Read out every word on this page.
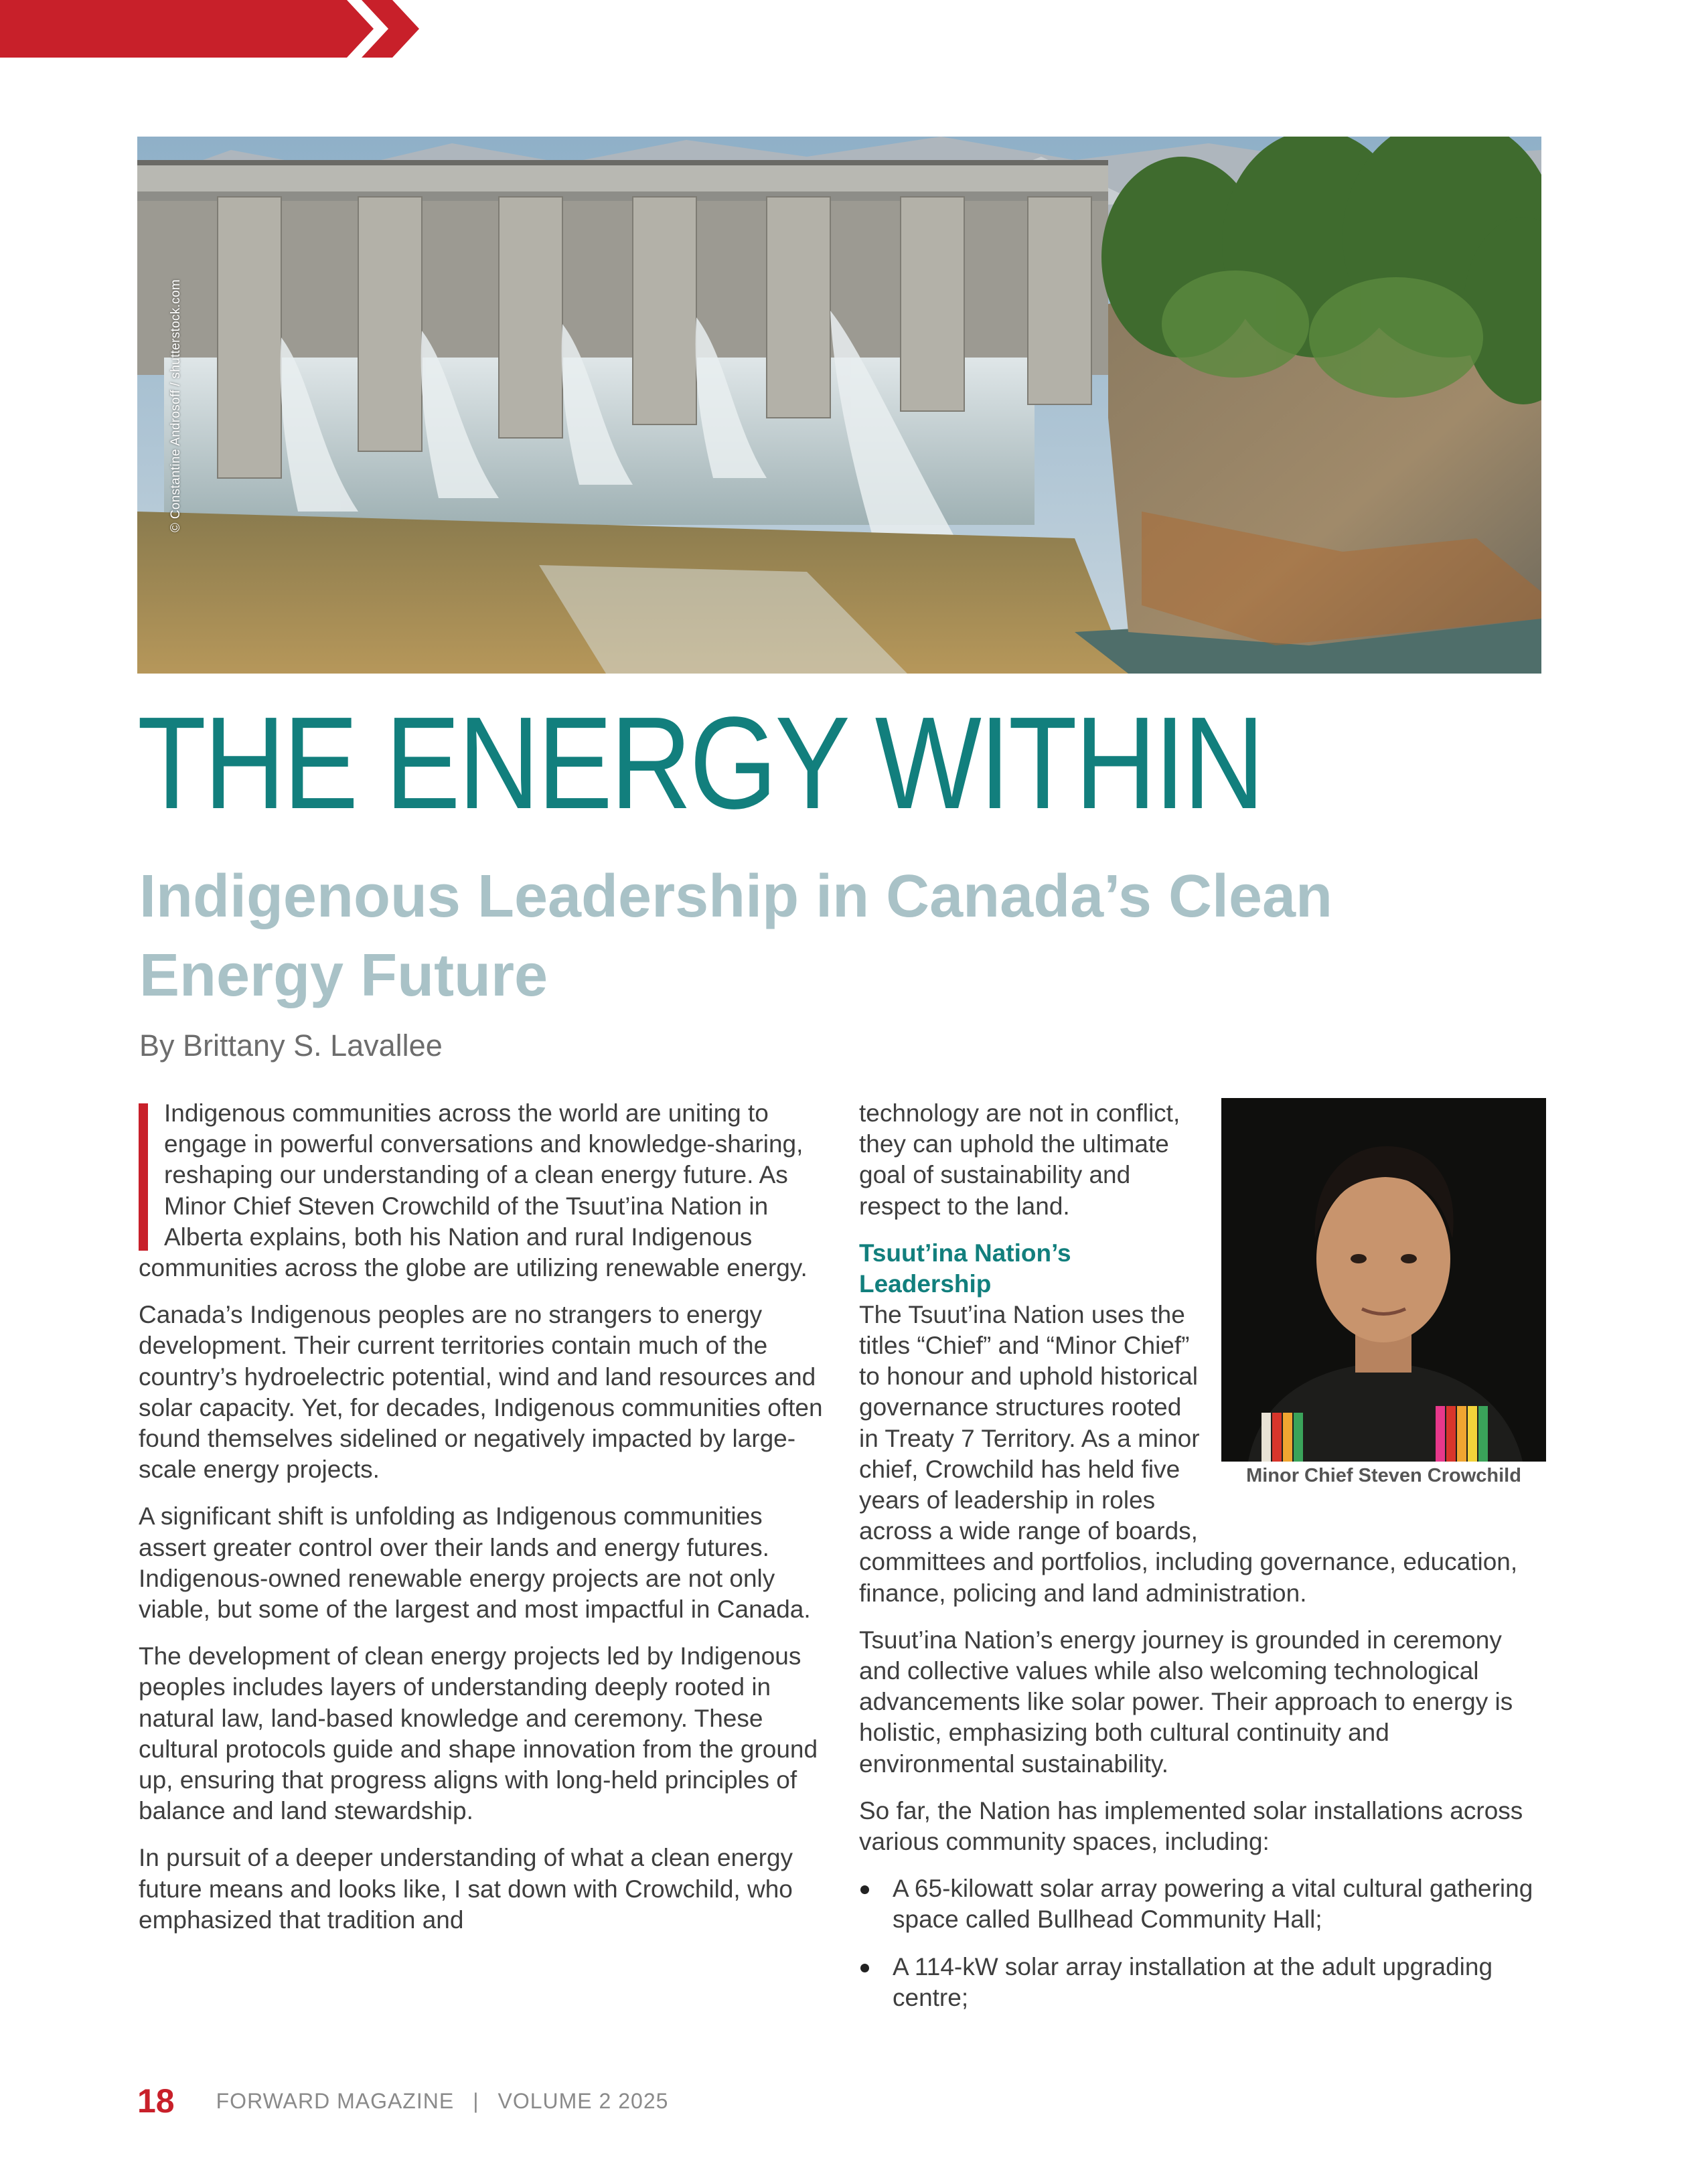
© Constantine Androsoff / shutterstock.com
THE ENERGY WITHIN
Indigenous Leadership in Canada’s Clean Energy Future
By Brittany S. Lavallee

Indigenous communities across the world are uniting to engage in powerful conversations and knowledge-sharing, reshaping our understanding of a clean energy future. As Minor Chief Steven Crowchild of the Tsuut’ina Nation in Alberta explains, both his Nation and rural Indigenous communities across the globe are utilizing renewable energy.

Canada’s Indigenous peoples are no strangers to energy development. Their current territories contain much of the country’s hydroelectric potential, wind and land resources and solar capacity. Yet, for decades, Indigenous communities often found themselves sidelined or negatively impacted by large-scale energy projects.

A significant shift is unfolding as Indigenous communities assert greater control over their lands and energy futures. Indigenous-owned renewable energy projects are not only viable, but some of the largest and most impactful in Canada.

The development of clean energy projects led by Indigenous peoples includes layers of understanding deeply rooted in natural law, land-based knowledge and ceremony. These cultural protocols guide and shape innovation from the ground up, ensuring that progress aligns with long-held principles of balance and land stewardship.

In pursuit of a deeper understanding of what a clean energy future means and looks like, I sat down with Crowchild, who emphasized that tradition and

technology are not in conflict, they can uphold the ultimate goal of sustainability and respect to the land.

Tsuut’ina Nation’s Leadership

The Tsuut’ina Nation uses the titles “Chief” and “Minor Chief” to honour and uphold historical governance structures rooted in Treaty 7 Territory. As a minor chief, Crowchild has held five years of leadership in roles across a wide range of boards, committees and portfolios, including governance, education, finance, policing and land administration.

Tsuut’ina Nation’s energy journey is grounded in ceremony and collective values while also welcoming technological advancements like solar power. Their approach to energy is holistic, emphasizing both cultural continuity and environmental sustainability.

So far, the Nation has implemented solar installations across various community spaces, including:

A 65-kilowatt solar array powering a vital cultural gathering space called Bullhead Community Hall;
A 114-kW solar array installation at the adult upgrading centre;
Minor Chief Steven Crowchild
18 FORWARD MAGAZINE | VOLUME 2 2025
